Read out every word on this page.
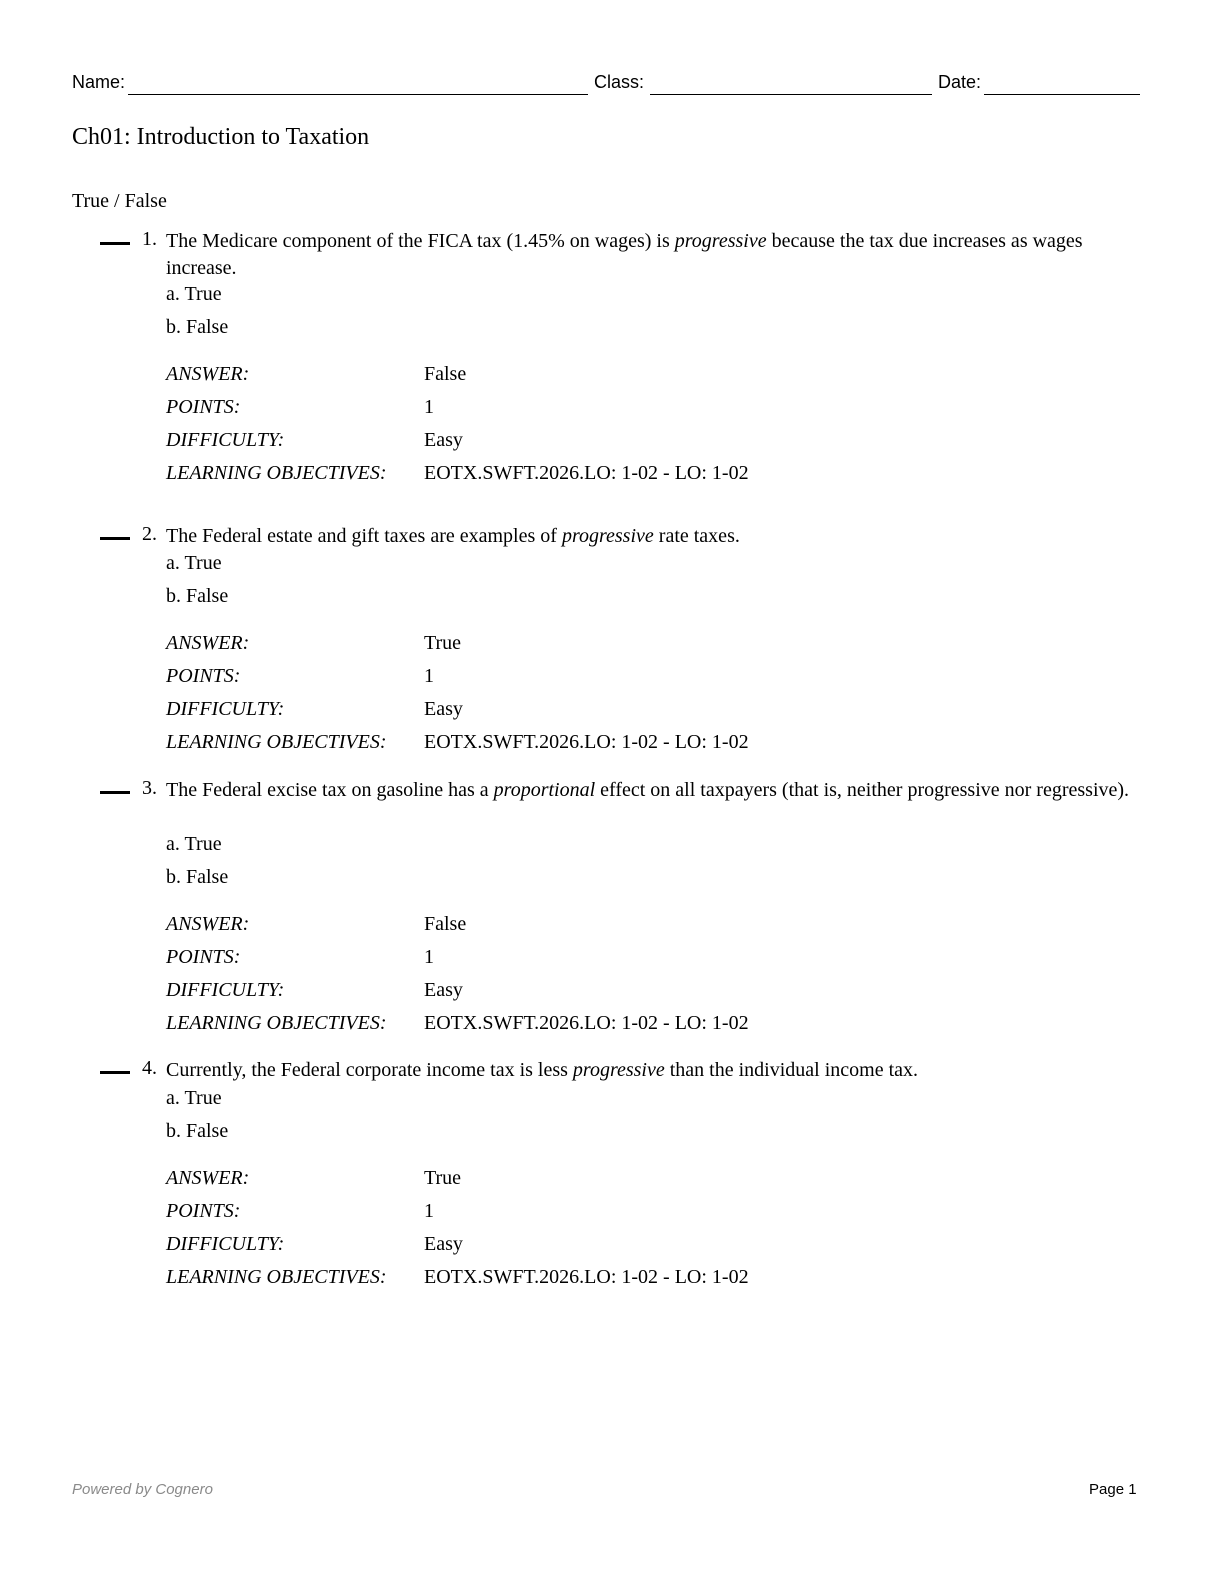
Name:	Class:	Date:
Ch01: Introduction to Taxation
True / False
1. The Medicare component of the FICA tax (1.45% on wages) is progressive because the tax due increases as wages increase.
a. True
b. False
ANSWER:	False
POINTS:	1
DIFFICULTY:	Easy
LEARNING OBJECTIVES: EOTX.SWFT.2026.LO: 1-02 - LO: 1-02
2. The Federal estate and gift taxes are examples of progressive rate taxes.
a. True
b. False
ANSWER:	True
POINTS:	1
DIFFICULTY:	Easy
LEARNING OBJECTIVES: EOTX.SWFT.2026.LO: 1-02 - LO: 1-02
3. The Federal excise tax on gasoline has a proportional effect on all taxpayers (that is, neither progressive nor regressive).
a. True
b. False
ANSWER:	False
POINTS:	1
DIFFICULTY:	Easy
LEARNING OBJECTIVES: EOTX.SWFT.2026.LO: 1-02 - LO: 1-02
4. Currently, the Federal corporate income tax is less progressive than the individual income tax.
a. True
b. False
ANSWER:	True
POINTS:	1
DIFFICULTY:	Easy
LEARNING OBJECTIVES: EOTX.SWFT.2026.LO: 1-02 - LO: 1-02
Powered by Cognero	Page 1
